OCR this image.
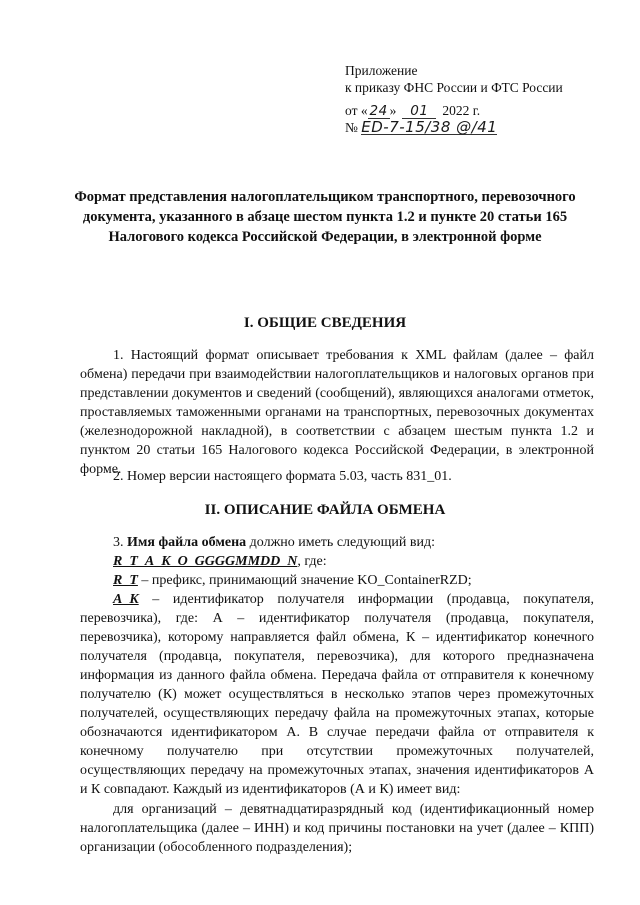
Приложение
к приказу ФНС России и ФТС России
от « 24 » 01 2022 г.
№ ED-7-15/38 @/41
Формат представления налогоплательщиком транспортного, перевозочного документа, указанного в абзаце шестом пункта 1.2 и пункте 20 статьи 165 Налогового кодекса Российской Федерации, в электронной форме
I. ОБЩИЕ СВЕДЕНИЯ
1. Настоящий формат описывает требования к XML файлам (далее – файл обмена) передачи при взаимодействии налогоплательщиков и налоговых органов при представлении документов и сведений (сообщений), являющихся аналогами отметок, проставляемых таможенными органами на транспортных, перевозочных документах (железнодорожной накладной), в соответствии с абзацем шестым пункта 1.2 и пунктом 20 статьи 165 Налогового кодекса Российской Федерации, в электронной форме.
2. Номер версии настоящего формата 5.03, часть 831_01.
II. ОПИСАНИЕ ФАЙЛА ОБМЕНА
3. Имя файла обмена должно иметь следующий вид:
R_T_A_K_O_GGGGMMDD_N, где:
R_T – префикс, принимающий значение KO_ContainerRZD;
A_K – идентификатор получателя информации (продавца, покупателя, перевозчика), где: А – идентификатор получателя (продавца, покупателя, перевозчика), которому направляется файл обмена, К – идентификатор конечного получателя (продавца, покупателя, перевозчика), для которого предназначена информация из данного файла обмена. Передача файла от отправителя к конечному получателю (К) может осуществляться в несколько этапов через промежуточных получателей, осуществляющих передачу файла на промежуточных этапах, которые обозначаются идентификатором А. В случае передачи файла от отправителя к конечному получателю при отсутствии промежуточных получателей, осуществляющих передачу на промежуточных этапах, значения идентификаторов А и К совпадают. Каждый из идентификаторов (А и К) имеет вид:
для организаций – девятнадцатиразрядный код (идентификационный номер налогоплательщика (далее – ИНН) и код причины постановки на учет (далее – КПП) организации (обособленного подразделения);
